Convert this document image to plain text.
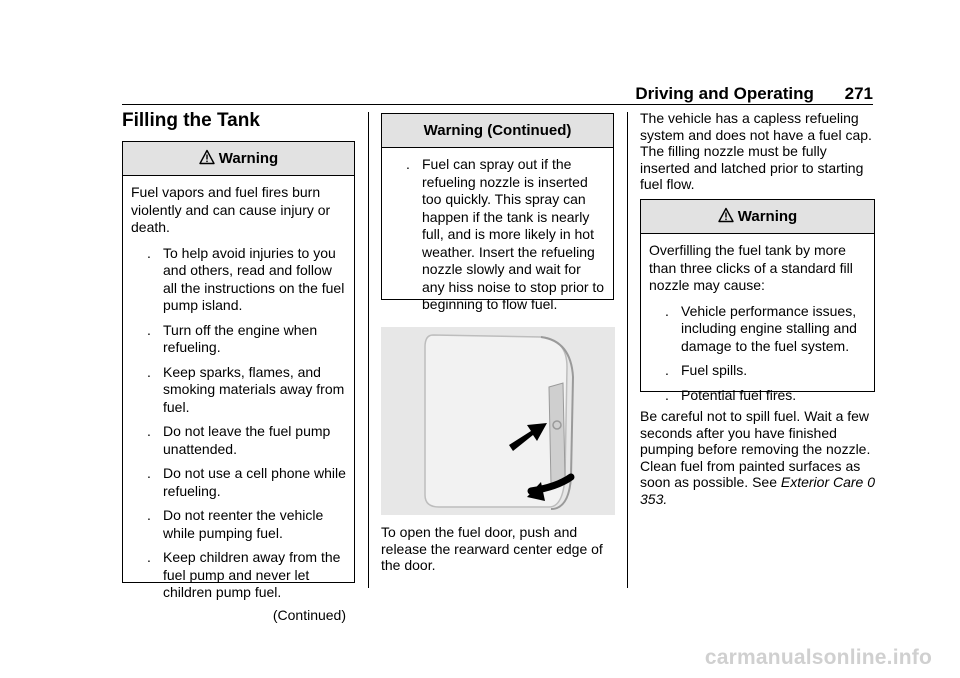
Driving and Operating 271
Filling the Tank
Warning

Fuel vapors and fuel fires burn violently and can cause injury or death.

. To help avoid injuries to you and others, read and follow all the instructions on the fuel pump island.
. Turn off the engine when refueling.
. Keep sparks, flames, and smoking materials away from fuel.
. Do not leave the fuel pump unattended.
. Do not use a cell phone while refueling.
. Do not reenter the vehicle while pumping fuel.
. Keep children away from the fuel pump and never let children pump fuel.
(Continued)
Warning (Continued)
. Fuel can spray out if the refueling nozzle is inserted too quickly. This spray can happen if the tank is nearly full, and is more likely in hot weather. Insert the refueling nozzle slowly and wait for any hiss noise to stop prior to beginning to flow fuel.
To open the fuel door, push and release the rearward center edge of the door.
The vehicle has a capless refueling system and does not have a fuel cap. The filling nozzle must be fully inserted and latched prior to starting fuel flow.
Warning

Overfilling the fuel tank by more than three clicks of a standard fill nozzle may cause:

. Vehicle performance issues, including engine stalling and damage to the fuel system.
. Fuel spills.
. Potential fuel fires.
Be careful not to spill fuel. Wait a few seconds after you have finished pumping before removing the nozzle. Clean fuel from painted surfaces as soon as possible. See Exterior Care 0 353.
carmanualsonline.info
